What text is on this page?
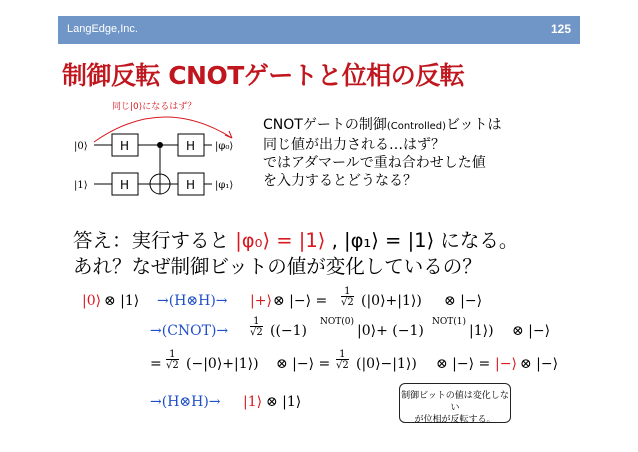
LangEdge,Inc.	125
制御反転 CNOTゲートと位相の反転
同じ|0⟩になるはず？
|0⟩
|1⟩
H
H
H
H
|φ₀⟩
|φ₁⟩
CNOTゲートの制御(Controlled)ビットは
同じ値が出力される…はず？
ではアダマールで重ね合わせした値
を入力するとどうなる？
答え：実行すると |φ₀⟩ = |1⟩ , |φ₁⟩ = |1⟩ になる。
あれ？なぜ制御ビットの値が変化しているの？
|0⟩ ⊗ |1⟩ →(H⊗H)→ |+⟩ ⊗ |−⟩ = $\frac{1}{√2}$ (|0⟩+|1⟩) ⊗ |−⟩
→(CNOT)→ $\frac{1}{√2} ((-1)$
NOT(0)
|0⟩+ (−1)
NOT(1)
|1⟩) ⊗ |−⟩
= $\frac{1}{√2}$ (−|0⟩+|1⟩) ⊗ |−⟩ = $\frac{1}{√2}$ (|0⟩−|1⟩) ⊗ |−⟩ = |−⟩ ⊗ |−⟩
→(H⊗H)→ |1⟩ ⊗ |1⟩	制御ビットの値は変化しない
が位相が反転する。
